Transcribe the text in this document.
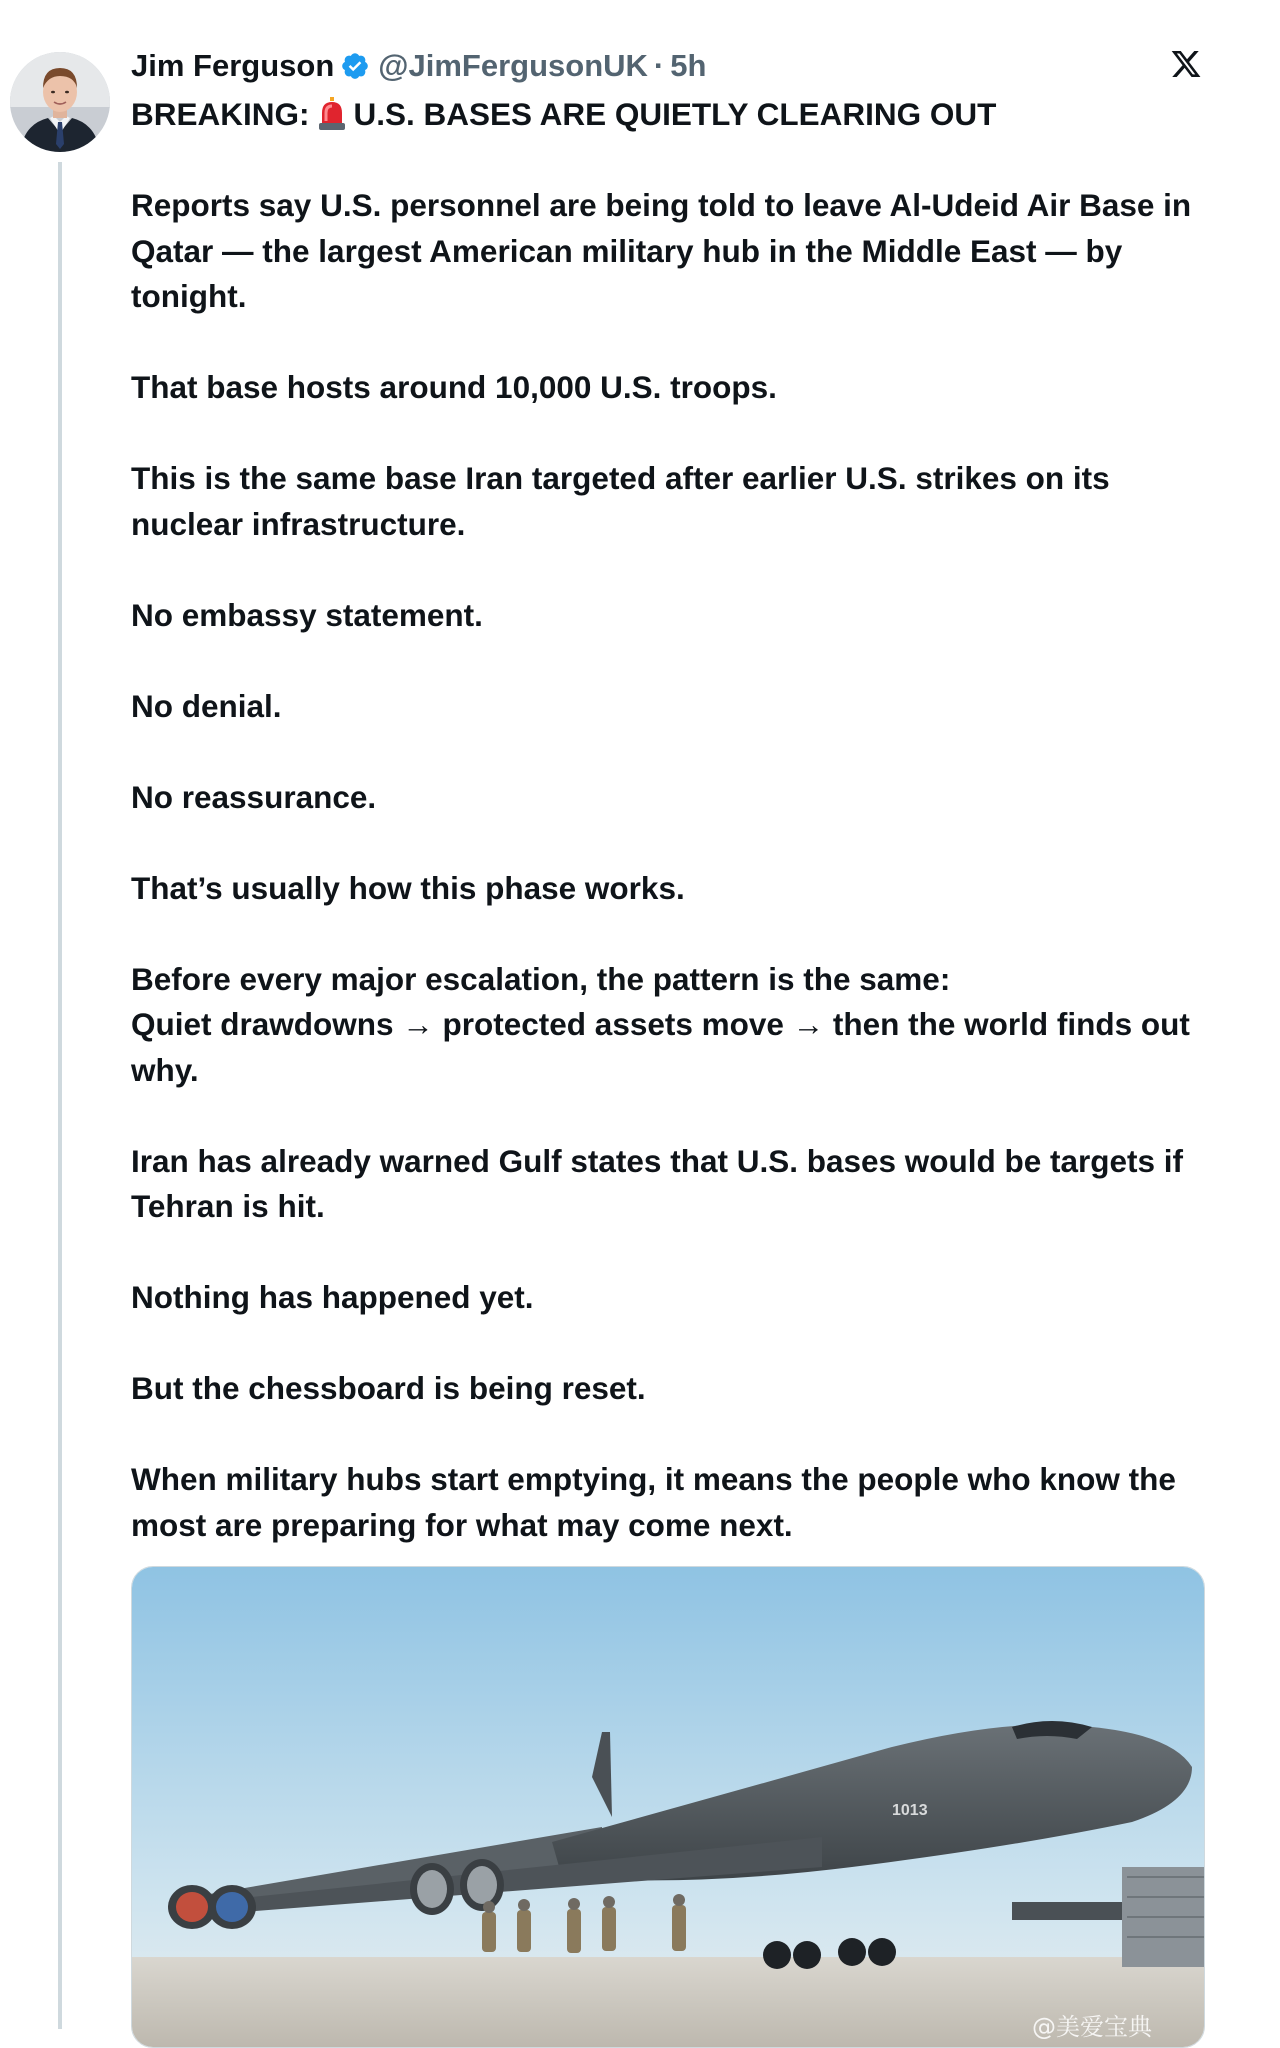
Jim Ferguson @JimFergusonUK · 5h

BREAKING: U.S. BASES ARE QUIETLY CLEARING OUT

Reports say U.S. personnel are being told to leave Al-Udeid Air Base in Qatar — the largest American military hub in the Middle East — by tonight.

That base hosts around 10,000 U.S. troops.

This is the same base Iran targeted after earlier U.S. strikes on its nuclear infrastructure.

No embassy statement.

No denial.

No reassurance.

That’s usually how this phase works.

Before every major escalation, the pattern is the same:

Quiet drawdowns → protected assets move → then the world finds out why.

Iran has already warned Gulf states that U.S. bases would be targets if Tehran is hit.

Nothing has happened yet.

But the chessboard is being reset.

When military hubs start emptying, it means the people who know the most are preparing for what may come next.

1013
@美爱宝典
